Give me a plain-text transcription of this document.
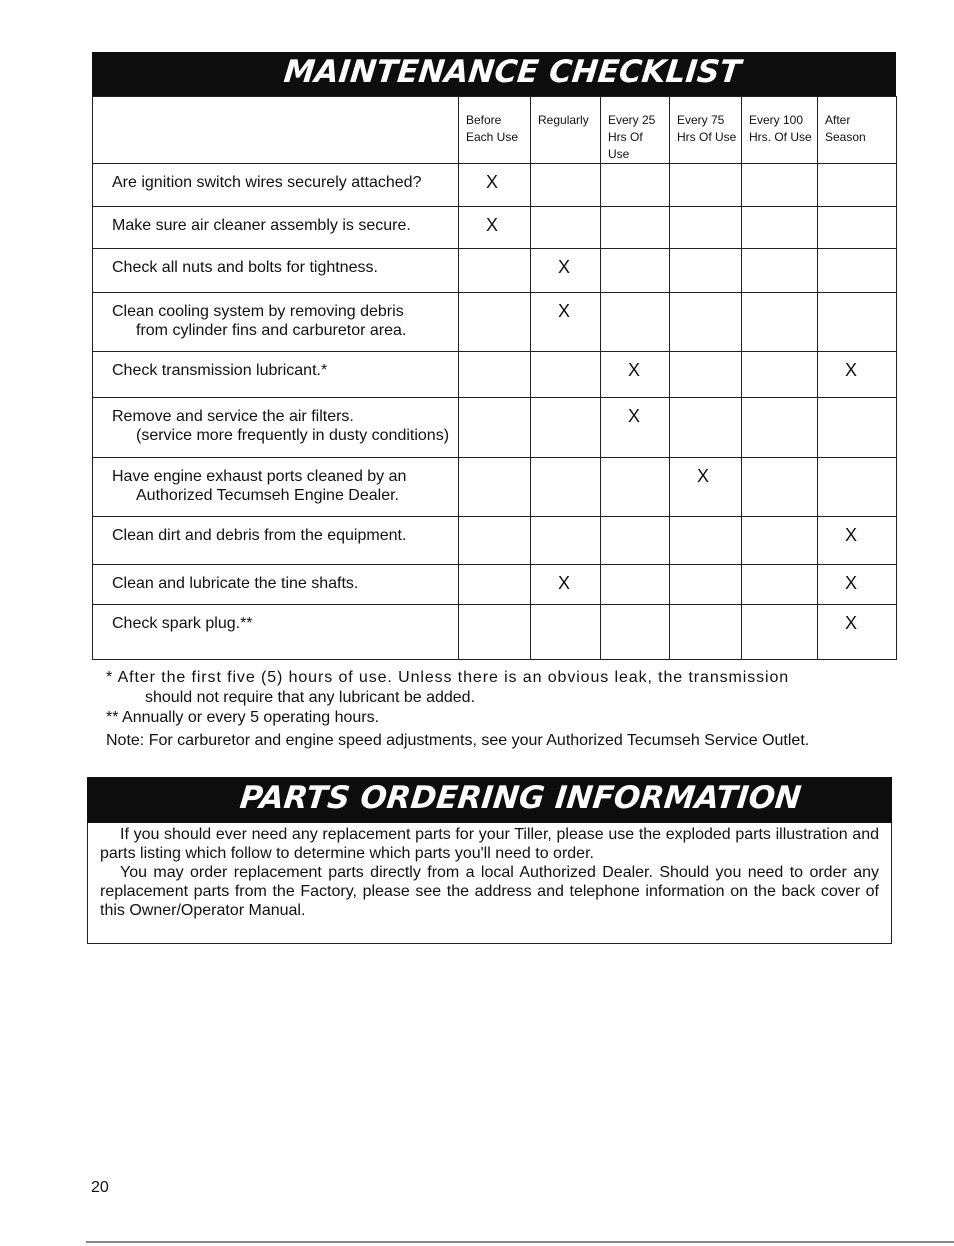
MAINTENANCE CHECKLIST
	Before Each Use	Regularly	Every 25 Hrs Of Use	Every 75 Hrs Of Use	Every 100 Hrs. Of Use	After Season

Are ignition switch wires securely attached?	X					

Make sure air cleaner assembly is secure.	X					

Check all nuts and bolts for tightness.		X				

Clean cooling system by removing debris
from cylinder fins and carburetor area.		X				

Check transmission lubricant.*			X			X

Remove and service the air filters.
(service more frequently in dusty conditions)			X			

Have engine exhaust ports cleaned by an
Authorized Tecumseh Engine Dealer.				X		

Clean dirt and debris from the equipment.						X

Clean and lubricate the tine shafts.		X				X

Check spark plug.**						X

* After the first five (5) hours of use. Unless there is an obvious leak, the transmission

should not require that any lubricant be added.

** Annually or every 5 operating hours.

Note: For carburetor and engine speed adjustments, see your Authorized Tecumseh Service Outlet.

PARTS ORDERING INFORMATION

If you should ever need any replacement parts for your Tiller, please use the exploded parts illustration and parts listing which follow to determine which parts you'll need to order.

You may order replacement parts directly from a local Authorized Dealer. Should you need to order any replacement parts from the Factory, please see the address and telephone information on the back cover of this Owner/Operator Manual.

20
